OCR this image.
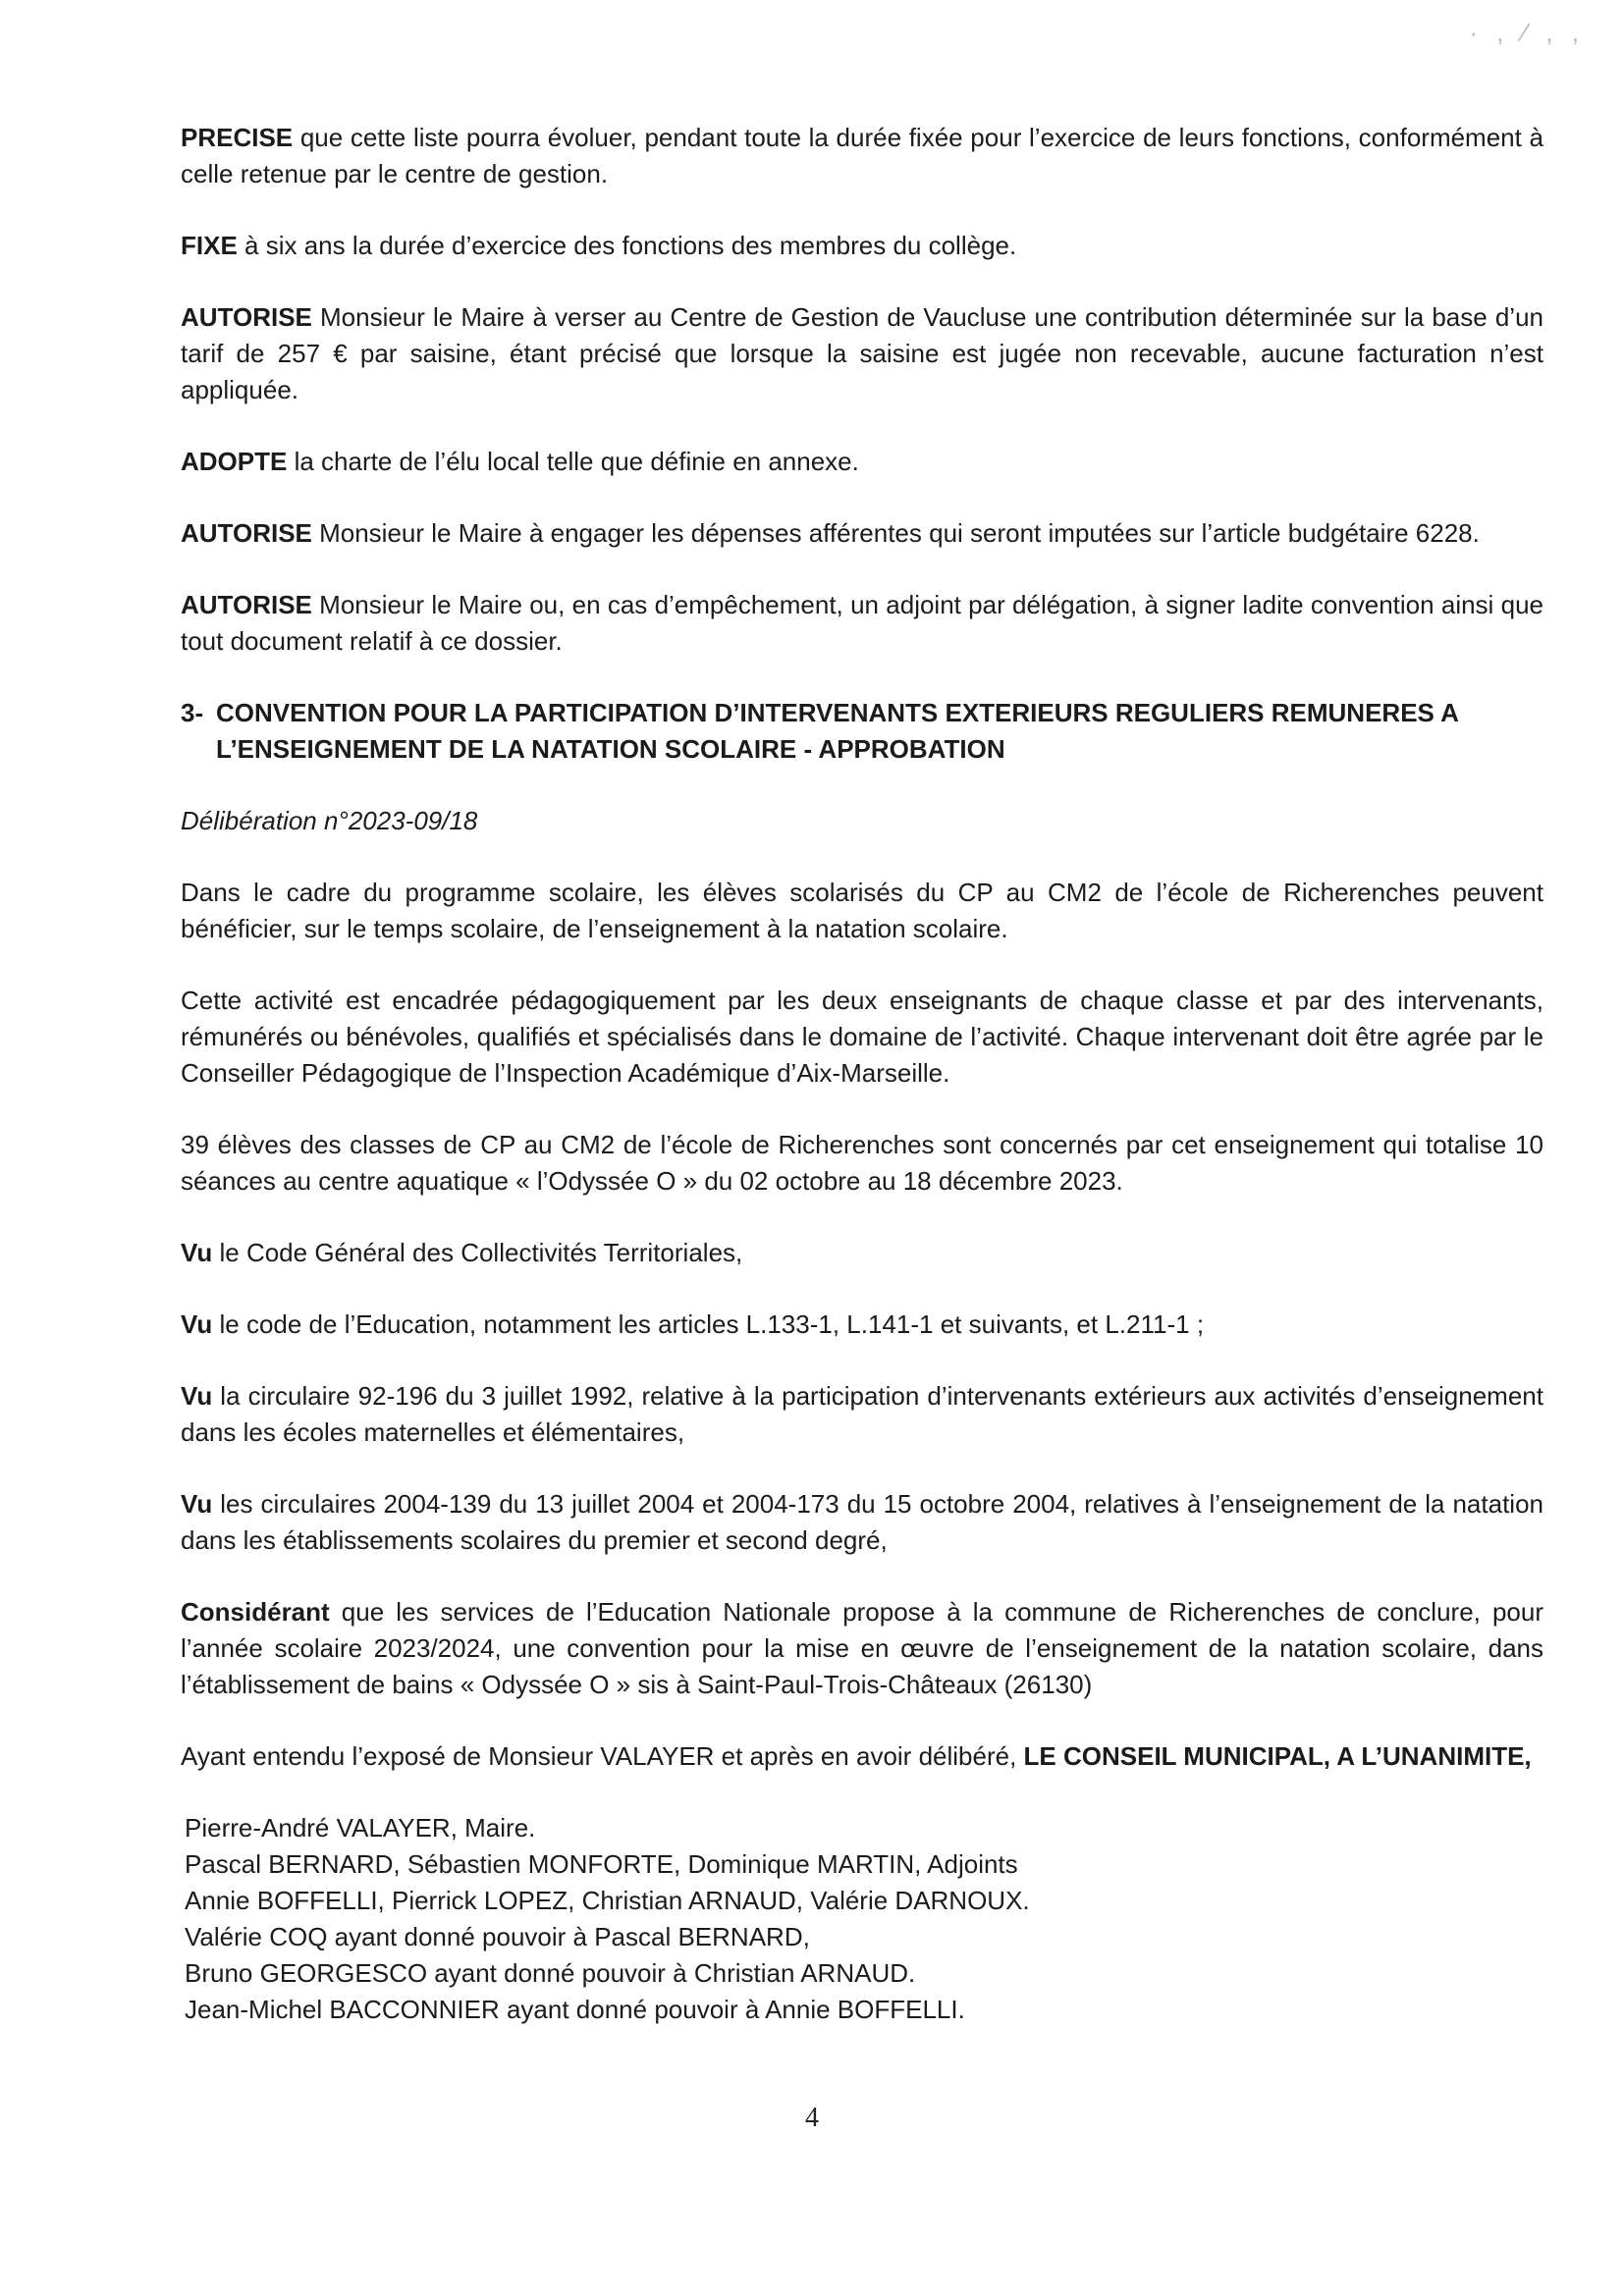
· , ⁄ , ,

PRECISE que cette liste pourra évoluer, pendant toute la durée fixée pour l’exercice de leurs fonctions, conformément à celle retenue par le centre de gestion.

FIXE à six ans la durée d’exercice des fonctions des membres du collège.

AUTORISE Monsieur le Maire à verser au Centre de Gestion de Vaucluse une contribution déterminée sur la base d’un tarif de 257 € par saisine, étant précisé que lorsque la saisine est jugée non recevable, aucune facturation n’est appliquée.

ADOPTE la charte de l’élu local telle que définie en annexe.

AUTORISE Monsieur le Maire à engager les dépenses afférentes qui seront imputées sur l’article budgétaire 6228.

AUTORISE Monsieur le Maire ou, en cas d’empêchement, un adjoint par délégation, à signer ladite convention ainsi que tout document relatif à ce dossier.

3- CONVENTION POUR LA PARTICIPATION D’INTERVENANTS EXTERIEURS REGULIERS REMUNERES A
L’ENSEIGNEMENT DE LA NATATION SCOLAIRE - APPROBATION

Délibération n°2023-09/18

Dans le cadre du programme scolaire, les élèves scolarisés du CP au CM2 de l’école de Richerenches peuvent bénéficier, sur le temps scolaire, de l’enseignement à la natation scolaire.

Cette activité est encadrée pédagogiquement par les deux enseignants de chaque classe et par des intervenants, rémunérés ou bénévoles, qualifiés et spécialisés dans le domaine de l’activité. Chaque intervenant doit être agrée par le Conseiller Pédagogique de l’Inspection Académique d’Aix-Marseille.

39 élèves des classes de CP au CM2 de l’école de Richerenches sont concernés par cet enseignement qui totalise 10 séances au centre aquatique « l’Odyssée O » du 02 octobre au 18 décembre 2023.

Vu le Code Général des Collectivités Territoriales,

Vu le code de l’Education, notamment les articles L.133-1, L.141-1 et suivants, et L.211-1 ;

Vu la circulaire 92-196 du 3 juillet 1992, relative à la participation d’intervenants extérieurs aux activités d’enseignement dans les écoles maternelles et élémentaires,

Vu les circulaires 2004-139 du 13 juillet 2004 et 2004-173 du 15 octobre 2004, relatives à l’enseignement de la natation dans les établissements scolaires du premier et second degré,

Considérant que les services de l’Education Nationale propose à la commune de Richerenches de conclure, pour l’année scolaire 2023/2024, une convention pour la mise en œuvre de l’enseignement de la natation scolaire, dans l’établissement de bains « Odyssée O » sis à Saint-Paul-Trois-Châteaux (26130)

Ayant entendu l’exposé de Monsieur VALAYER et après en avoir délibéré, LE CONSEIL MUNICIPAL, A L’UNANIMITE,

Pierre-André VALAYER, Maire.
Pascal BERNARD, Sébastien MONFORTE, Dominique MARTIN, Adjoints
Annie BOFFELLI, Pierrick LOPEZ, Christian ARNAUD, Valérie DARNOUX.
Valérie COQ ayant donné pouvoir à Pascal BERNARD,
Bruno GEORGESCO ayant donné pouvoir à Christian ARNAUD.
Jean-Michel BACCONNIER ayant donné pouvoir à Annie BOFFELLI.
4
